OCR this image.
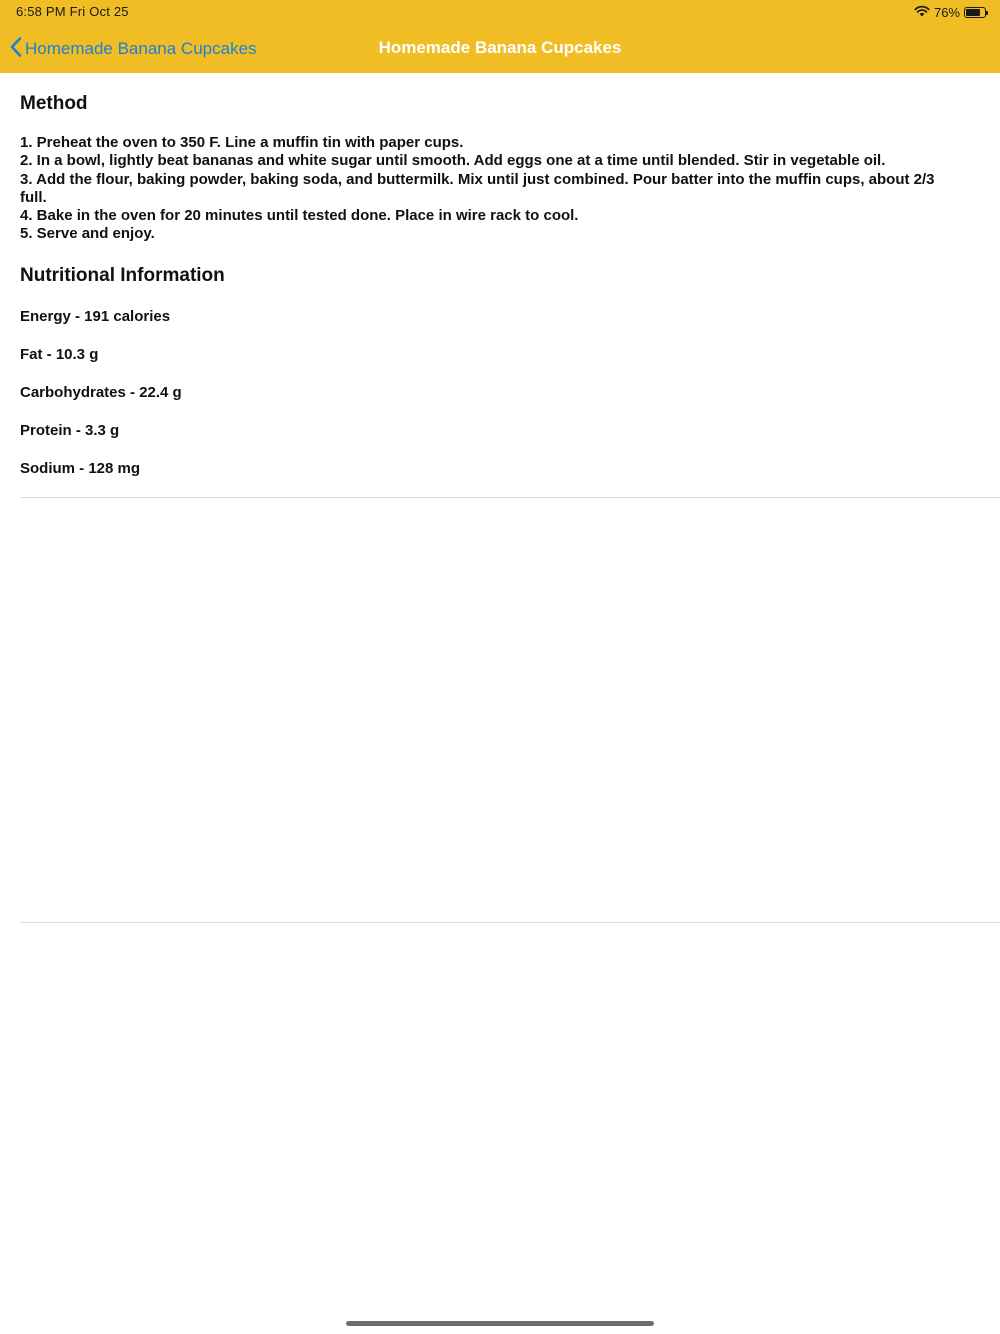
6:58 PM Fri Oct 25	76%
Homemade Banana Cupcakes	Homemade Banana Cupcakes
Method
1. Preheat the oven to 350 F. Line a muffin tin with paper cups.
2. In a bowl, lightly beat bananas and white sugar until smooth. Add eggs one at a time until blended. Stir in vegetable oil.
3. Add the flour, baking powder, baking soda, and buttermilk. Mix until just combined. Pour batter into the muffin cups, about 2/3 full.
4. Bake in the oven for 20 minutes until tested done. Place in wire rack to cool.
5. Serve and enjoy.
Nutritional Information
Energy - 191 calories
Fat - 10.3 g
Carbohydrates - 22.4 g
Protein - 3.3 g
Sodium - 128 mg
